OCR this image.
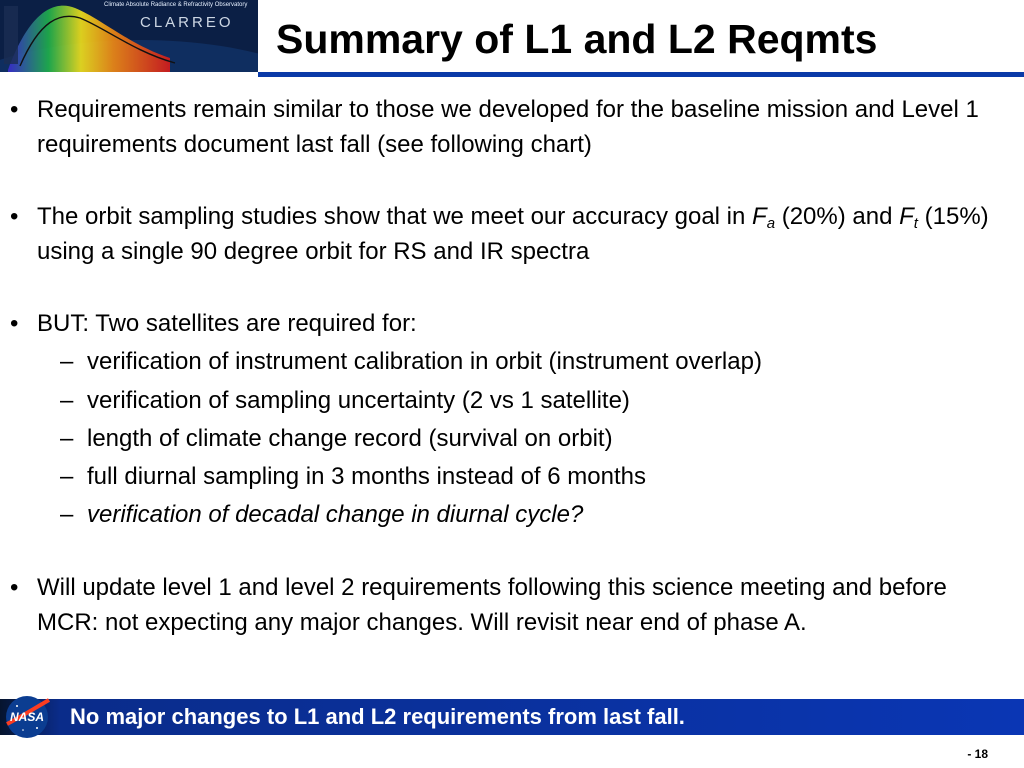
Climate Absolute Radiance & Refractivity Observatory
CLARREO Summary of L1 and L2 Reqmts
• Requirements remain similar to those we developed for the baseline mission and Level 1 requirements document last fall (see following chart)
• The orbit sampling studies show that we meet our accuracy goal in $F_a$ (20%) and $F_t$ (15%) using a single 90 degree orbit for RS and IR spectra
• BUT: Two satellites are required for:
– verification of instrument calibration in orbit (instrument overlap)
– verification of sampling uncertainty (2 vs 1 satellite)
– length of climate change record (survival on orbit)
– full diurnal sampling in 3 months instead of 6 months
– verification of decadal change in diurnal cycle?
• Will update level 1 and level 2 requirements following this science meeting and before MCR: not expecting any major changes. Will revisit near end of phase A.
NASA No major changes to L1 and L2 requirements from last fall.
- 18
